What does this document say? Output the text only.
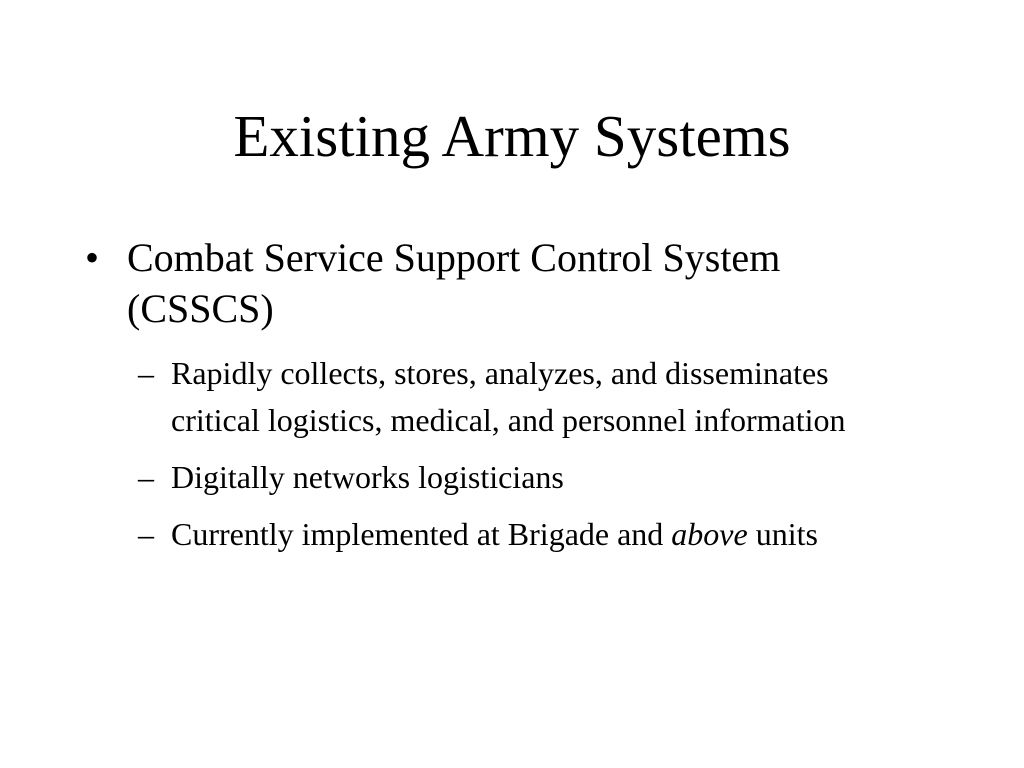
Existing Army Systems
• Combat Service Support Control System (CSSCS)
– Rapidly collects, stores, analyzes, and disseminates critical logistics, medical, and personnel information
– Digitally networks logisticians
– Currently implemented at Brigade and above units
